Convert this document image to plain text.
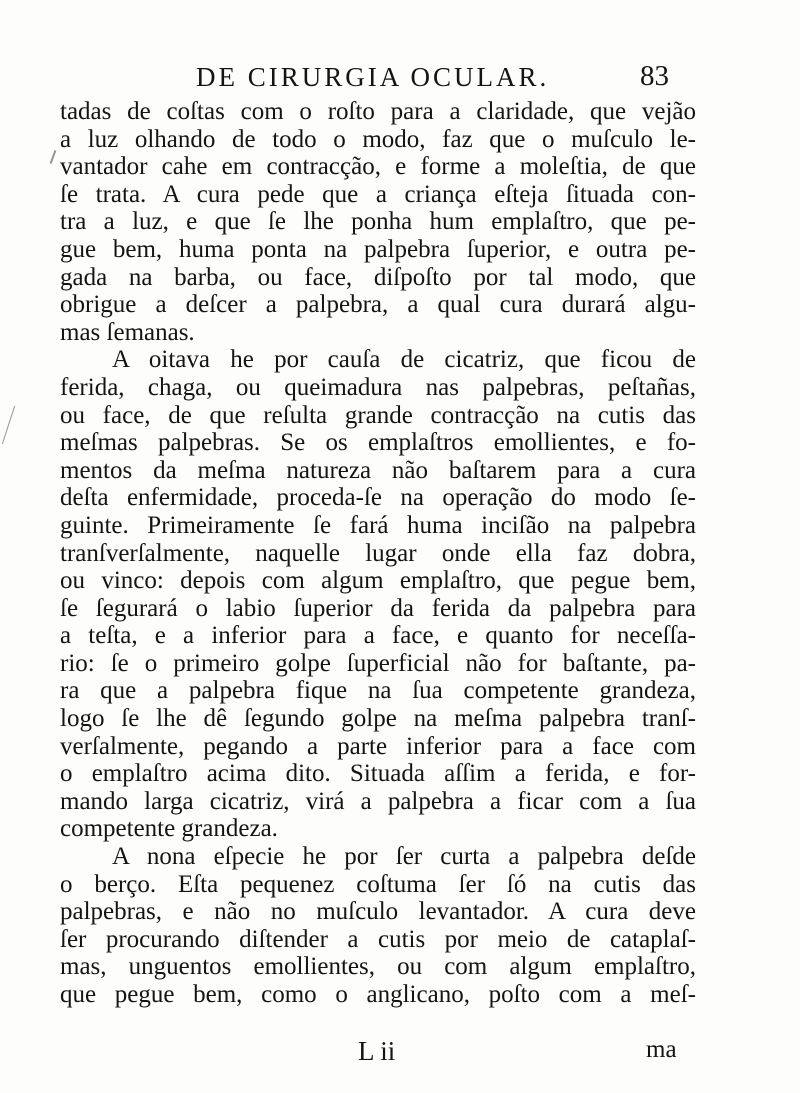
DE CIRURGIA OCULAR.	83
tadas de coſtas com o roſto para a claridade, que vejão
a luz olhando de todo o modo, faz que o muſculo le-
vantador cahe em contracção, e forme a moleſtia, de que
ſe trata. A cura pede que a criança eſteja ſituada con-
tra a luz, e que ſe lhe ponha hum emplaſtro, que pe-
gue bem, huma ponta na palpebra ſuperior, e outra pe-
gada na barba, ou face, diſpoſto por tal modo, que
obrigue a deſcer a palpebra, a qual cura durará algu-
mas ſemanas.
A oitava he por cauſa de cicatriz, que ficou de
ferida, chaga, ou queimadura nas palpebras, peſtañas,
ou face, de que reſulta grande contracção na cutis das
meſmas palpebras. Se os emplaſtros emollientes, e fo-
mentos da meſma natureza não baſtarem para a cura
deſta enfermidade, proceda-ſe na operação do modo ſe-
guinte. Primeiramente ſe fará huma inciſão na palpebra
tranſverſalmente, naquelle lugar onde ella faz dobra,
ou vinco: depois com algum emplaſtro, que pegue bem,
ſe ſegurará o labio ſuperior da ferida da palpebra para
a teſta, e a inferior para a face, e quanto for neceſſa-
rio: ſe o primeiro golpe ſuperficial não for baſtante, pa-
ra que a palpebra fique na ſua competente grandeza,
logo ſe lhe dê ſegundo golpe na meſma palpebra tranſ-
verſalmente, pegando a parte inferior para a face com
o emplaſtro acima dito. Situada aſſim a ferida, e for-
mando larga cicatriz, virá a palpebra a ficar com a ſua
competente grandeza.
A nona eſpecie he por ſer curta a palpebra deſde
o berço. Eſta pequenez coſtuma ſer ſó na cutis das
palpebras, e não no muſculo levantador. A cura deve
ſer procurando diſtender a cutis por meio de cataplaſ-
mas, unguentos emollientes, ou com algum emplaſtro,
que pegue bem, como o anglicano, poſto com a meſ-
L ii	ma
